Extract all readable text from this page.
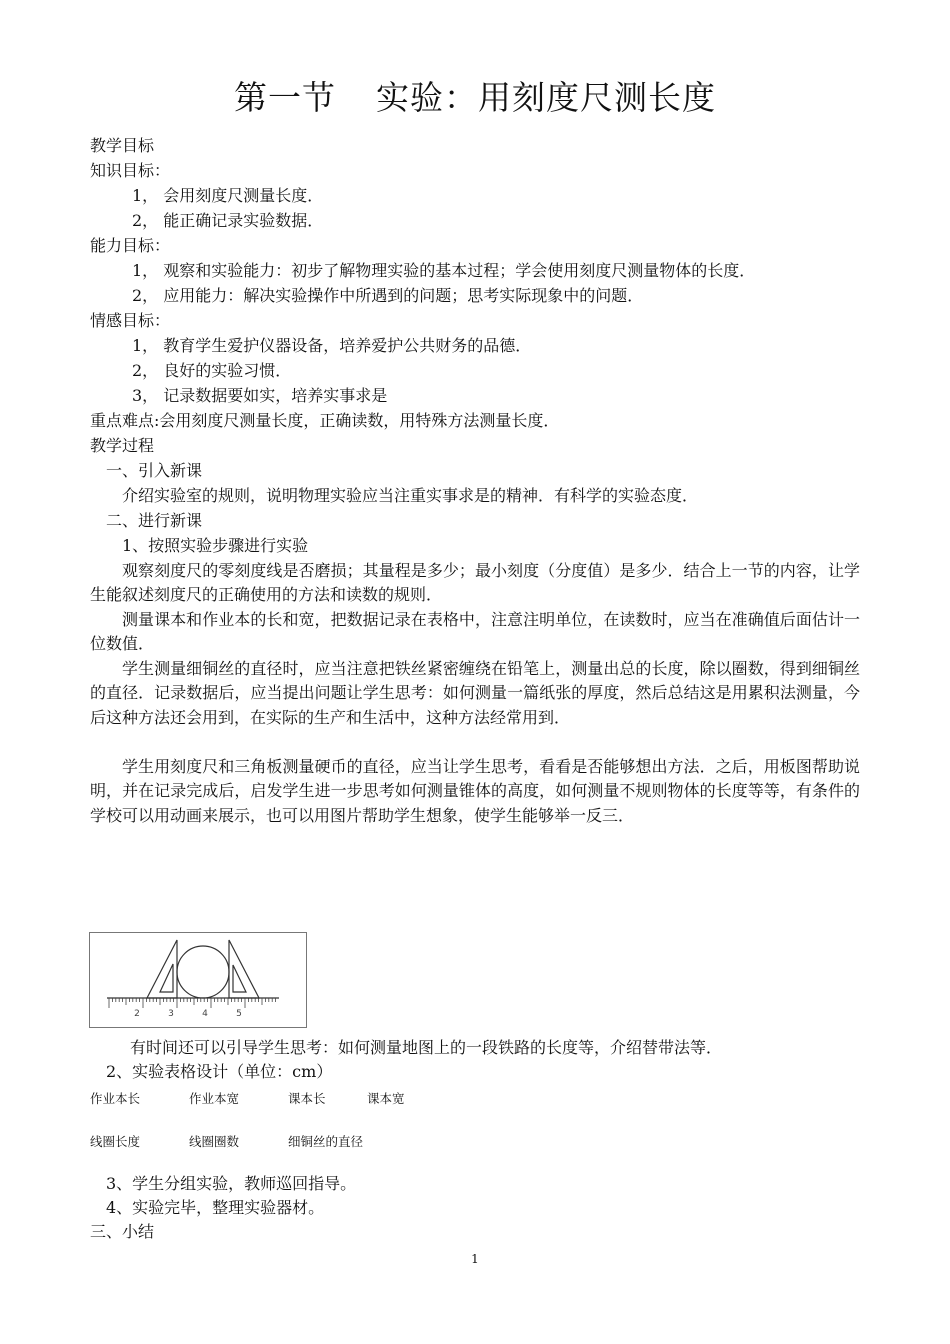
第一节 实验：用刻度尺测长度
教学目标
知识目标：
1， 会用刻度尺测量长度．
2， 能正确记录实验数据．
能力目标：
1， 观察和实验能力：初步了解物理实验的基本过程；学会使用刻度尺测量物体的长度．
2， 应用能力：解决实验操作中所遇到的问题；思考实际现象中的问题．
情感目标：
1， 教育学生爱护仪器设备，培养爱护公共财务的品德．
2， 良好的实验习惯．
3， 记录数据要如实，培养实事求是
重点难点:会用刻度尺测量长度，正确读数，用特殊方法测量长度．
教学过程
一、引入新课
介绍实验室的规则，说明物理实验应当注重实事求是的精神．有科学的实验态度．
二、进行新课
1、按照实验步骤进行实验
观察刻度尺的零刻度线是否磨损；其量程是多少；最小刻度（分度值）是多少．结合上一节的内容，让学生能叙述刻度尺的正确使用的方法和读数的规则．
测量课本和作业本的长和宽，把数据记录在表格中，注意注明单位，在读数时，应当在准确值后面估计一位数值．
学生测量细铜丝的直径时，应当注意把铁丝紧密缠绕在铅笔上，测量出总的长度，除以圈数，得到细铜丝的直径．记录数据后，应当提出问题让学生思考：如何测量一篇纸张的厚度，然后总结这是用累积法测量，今后这种方法还会用到，在实际的生产和生活中，这种方法经常用到．
学生用刻度尺和三角板测量硬币的直径，应当让学生思考，看看是否能够想出方法．之后，用板图帮助说明，并在记录完成后，启发学生进一步思考如何测量锥体的高度，如何测量不规则物体的长度等等，有条件的学校可以用动画来展示，也可以用图片帮助学生想象，使学生能够举一反三．
2	3	4	5
有时间还可以引导学生思考：如何测量地图上的一段铁路的长度等，介绍替带法等．
2、实验表格设计（单位：cm）
作业本长	作业本宽	课本长	课本宽
线圈长度	线圈圈数	细铜丝的直径
3、学生分组实验，教师巡回指导。
4、实验完毕，整理实验器材。
三、小结
1
